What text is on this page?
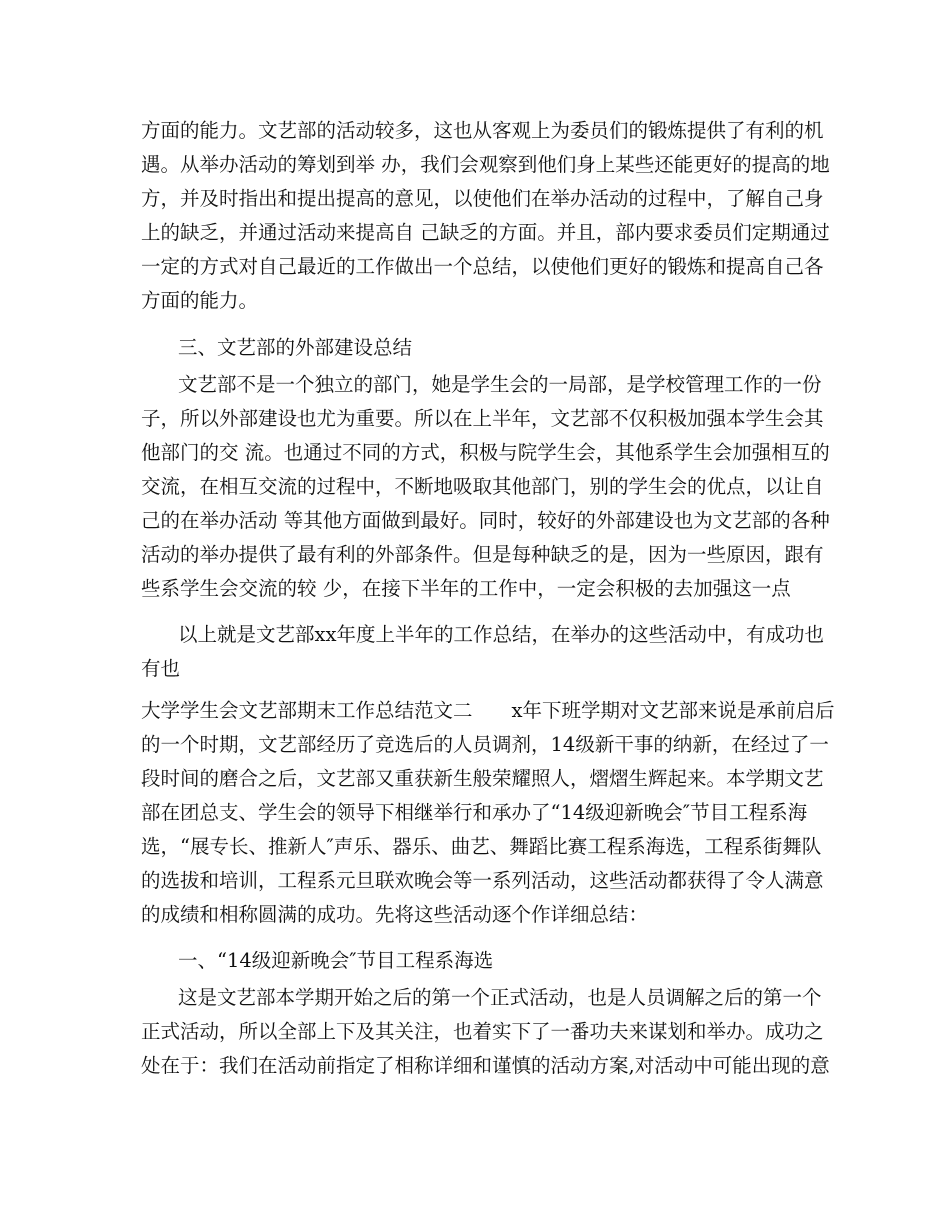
方面的能力。文艺部的活动较多，这也从客观上为委员们的锻炼提供了有利的机
遇。从举办活动的筹划到举 办，我们会观察到他们身上某些还能更好的提高的地
方，并及时指出和提出提高的意见，以使他们在举办活动的过程中，了解自己身
上的缺乏，并通过活动来提高自 己缺乏的方面。并且，部内要求委员们定期通过
一定的方式对自己最近的工作做出一个总结，以使他们更好的锻炼和提高自己各
方面的能力。
三、文艺部的外部建设总结
文艺部不是一个独立的部门，她是学生会的一局部，是学校管理工作的一份
子，所以外部建设也尤为重要。所以在上半年，文艺部不仅积极加强本学生会其
他部门的交 流。也通过不同的方式，积极与院学生会，其他系学生会加强相互的
交流，在相互交流的过程中，不断地吸取其他部门，别的学生会的优点，以让自
己的在举办活动 等其他方面做到最好。同时，较好的外部建设也为文艺部的各种
活动的举办提供了最有利的外部条件。但是每种缺乏的是，因为一些原因，跟有
些系学生会交流的较 少，在接下半年的工作中，一定会积极的去加强这一点
以上就是文艺部xx年度上半年的工作总结，在举办的这些活动中，有成功也
有也
大学学生会文艺部期末工作总结范文二　　x年下班学期对文艺部来说是承前启后
的一个时期，文艺部经历了竞选后的人员调剂，14级新干事的纳新，在经过了一
段时间的磨合之后，文艺部又重获新生般荣耀照人，熠熠生辉起来。本学期文艺
部在团总支、学生会的领导下相继举行和承办了“14级迎新晚会″节目工程系海
选，“展专长、推新人″声乐、器乐、曲艺、舞蹈比赛工程系海选，工程系街舞队
的选拔和培训，工程系元旦联欢晚会等一系列活动，这些活动都获得了令人满意
的成绩和相称圆满的成功。先将这些活动逐个作详细总结：
一、“14级迎新晚会″节目工程系海选
这是文艺部本学期开始之后的第一个正式活动，也是人员调解之后的第一个
正式活动，所以全部上下及其关注，也着实下了一番功夫来谋划和举办。成功之
处在于：我们在活动前指定了相称详细和谨慎的活动方案,对活动中可能出现的意
